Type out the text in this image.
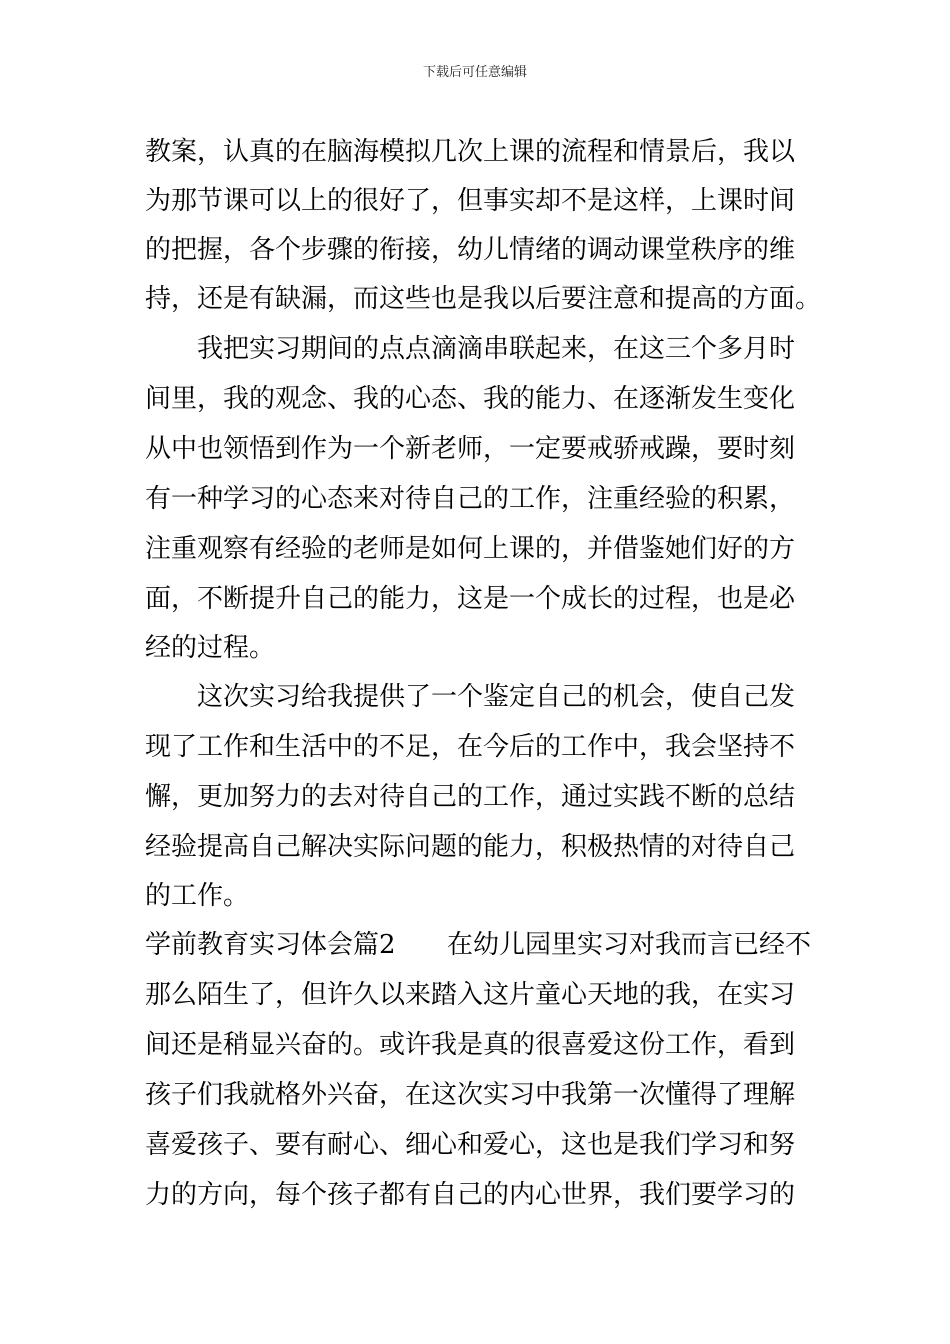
下载后可任意编辑
教案，认真的在脑海模拟几次上课的流程和情景后，我以
为那节课可以上的很好了，但事实却不是这样，上课时间
的把握，各个步骤的衔接，幼儿情绪的调动课堂秩序的维
持，还是有缺漏，而这些也是我以后要注意和提高的方面。
我把实习期间的点点滴滴串联起来，在这三个多月时
间里，我的观念、我的心态、我的能力、在逐渐发生变化
从中也领悟到作为一个新老师，一定要戒骄戒躁，要时刻
有一种学习的心态来对待自己的工作，注重经验的积累，
注重观察有经验的老师是如何上课的，并借鉴她们好的方
面，不断提升自己的能力，这是一个成长的过程，也是必
经的过程。
这次实习给我提供了一个鉴定自己的机会，使自己发
现了工作和生活中的不足，在今后的工作中，我会坚持不
懈，更加努力的去对待自己的工作，通过实践不断的总结
经验提高自己解决实际问题的能力，积极热情的对待自己
的工作。
学前教育实习体会篇2 在幼儿园里实习对我而言已经不
那么陌生了，但许久以来踏入这片童心天地的我，在实习
间还是稍显兴奋的。或许我是真的很喜爱这份工作，看到
孩子们我就格外兴奋，在这次实习中我第一次懂得了理解
喜爱孩子、要有耐心、细心和爱心，这也是我们学习和努
力的方向，每个孩子都有自己的内心世界，我们要学习的
